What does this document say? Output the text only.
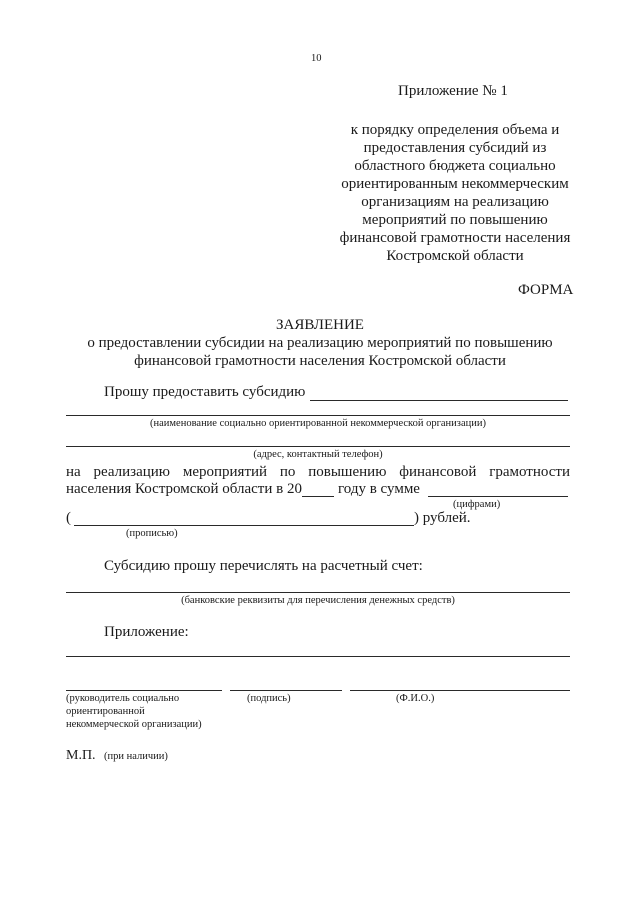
10
Приложение № 1
к порядку определения объема и
предоставления субсидий из
областного бюджета социально
ориентированным некоммерческим
организациям на реализацию
мероприятий по повышению
финансовой грамотности населения
Костромской области
ФОРМА
ЗАЯВЛЕНИЕ
о предоставлении субсидии на реализацию мероприятий по повышению
финансовой грамотности населения Костромской области
Прошу предоставить субсидию
(наименование социально ориентированной некоммерческой организации)
(адрес, контактный телефон)
на реализацию мероприятий по повышению финансовой грамотности
населения Костромской области в 20 году в сумме
(цифрами)
(	) рублей.
(прописью)
Субсидию прошу перечислять на расчетный счет:
(банковские реквизиты для перечисления денежных средств)
Приложение:
(руководитель социально
ориентированной
некоммерческой организации)
(подпись)	(Ф.И.О.)
М.П. (при наличии)
